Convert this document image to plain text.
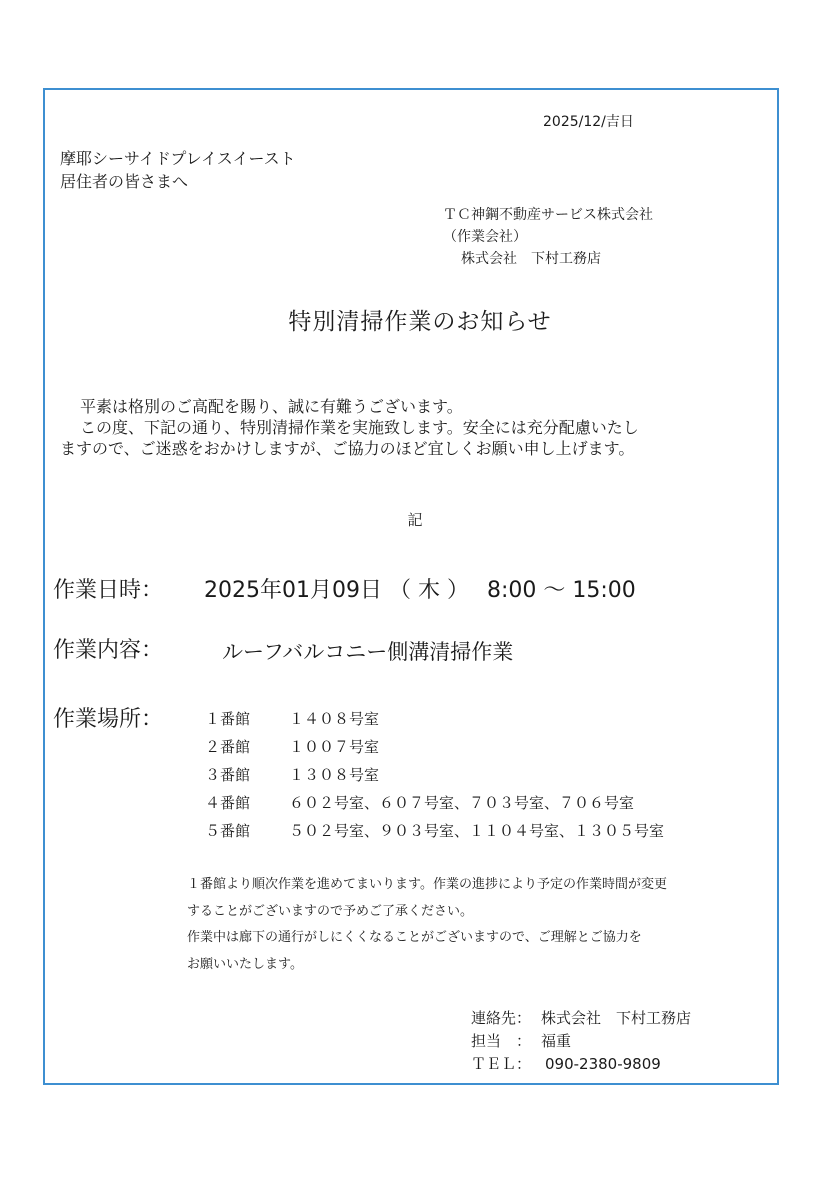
2025/12/吉日
摩耶シーサイドプレイスイースト
居住者の皆さまへ
ＴＣ神鋼不動産サービス株式会社
（作業会社）
株式会社　下村工務店
特別清掃作業のお知らせ
平素は格別のご高配を賜り、誠に有難うございます。
この度、下記の通り、特別清掃作業を実施致します。安全には充分配慮いたし
ますので、ご迷惑をおかけしますが、ご協力のほど宜しくお願い申し上げます。
記
作業日時： 2025年01月09日 （ 木 ）　 8:00 ～ 15:00
作業内容：	ルーフバルコニー側溝清掃作業
作業場所：	１番館	１４０８号室
２番館	１００７号室
３番館	１３０８号室
４番館	６０２号室、６０７号室、７０３号室、７０６号室
５番館	５０２号室、９０３号室、１１０４号室、１３０５号室
１番館より順次作業を進めてまいります。作業の進捗により予定の作業時間が変更
することがございますので予めご了承ください。
作業中は廊下の通行がしにくくなることがございますので、ご理解とご協力を
お願いいたします。
連絡先： 株式会社　下村工務店
担当　： 福重
ＴＥＬ： 090-2380-9809
